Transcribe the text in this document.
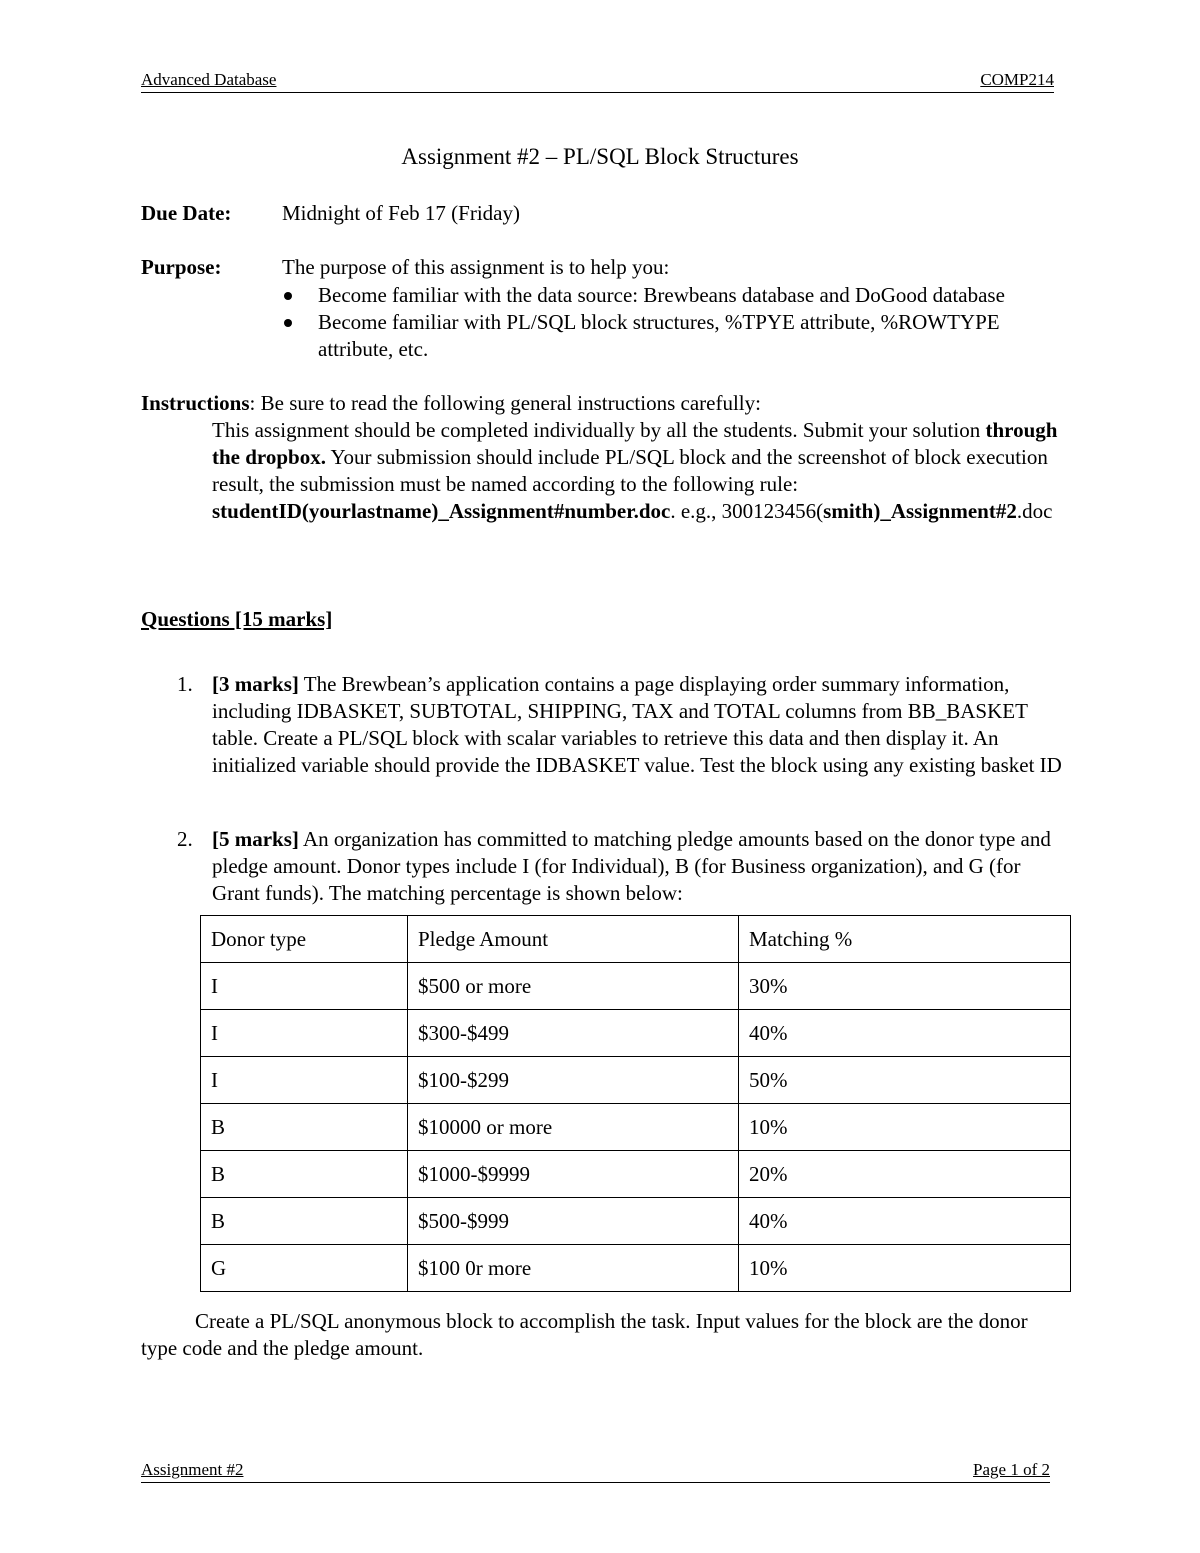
Advanced Database	COMP214
Assignment #2 – PL/SQL Block Structures
Due Date: Midnight of Feb 17 (Friday)
Purpose:	The purpose of this assignment is to help you:
Become familiar with the data source: Brewbeans database and DoGood database
Become familiar with PL/SQL block structures, %TPYE attribute, %ROWTYPE attribute, etc.
Instructions: Be sure to read the following general instructions carefully:
This assignment should be completed individually by all the students. Submit your solution through the dropbox. Your submission should include PL/SQL block and the screenshot of block execution result, the submission must be named according to the following rule: studentID(yourlastname)_Assignment#number.doc. e.g., 300123456(smith)_Assignment#2.doc
Questions [15 marks]
1. [3 marks] The Brewbean’s application contains a page displaying order summary information, including IDBASKET, SUBTOTAL, SHIPPING, TAX and TOTAL columns from BB_BASKET table. Create a PL/SQL block with scalar variables to retrieve this data and then display it. An initialized variable should provide the IDBASKET value. Test the block using any existing basket ID
2. [5 marks] An organization has committed to matching pledge amounts based on the donor type and pledge amount. Donor types include I (for Individual), B (for Business organization), and G (for Grant funds). The matching percentage is shown below:
Donor type	Pledge Amount	Matching %
I	$500 or more	30%
I	$300-$499	40%
I	$100-$299	50%
B	$10000 or more	10%
B	$1000-$9999	20%
B	$500-$999	40%
G	$100 0r more	10%
Create a PL/SQL anonymous block to accomplish the task. Input values for the block are the donor type code and the pledge amount.
Assignment #2	Page 1 of 2
